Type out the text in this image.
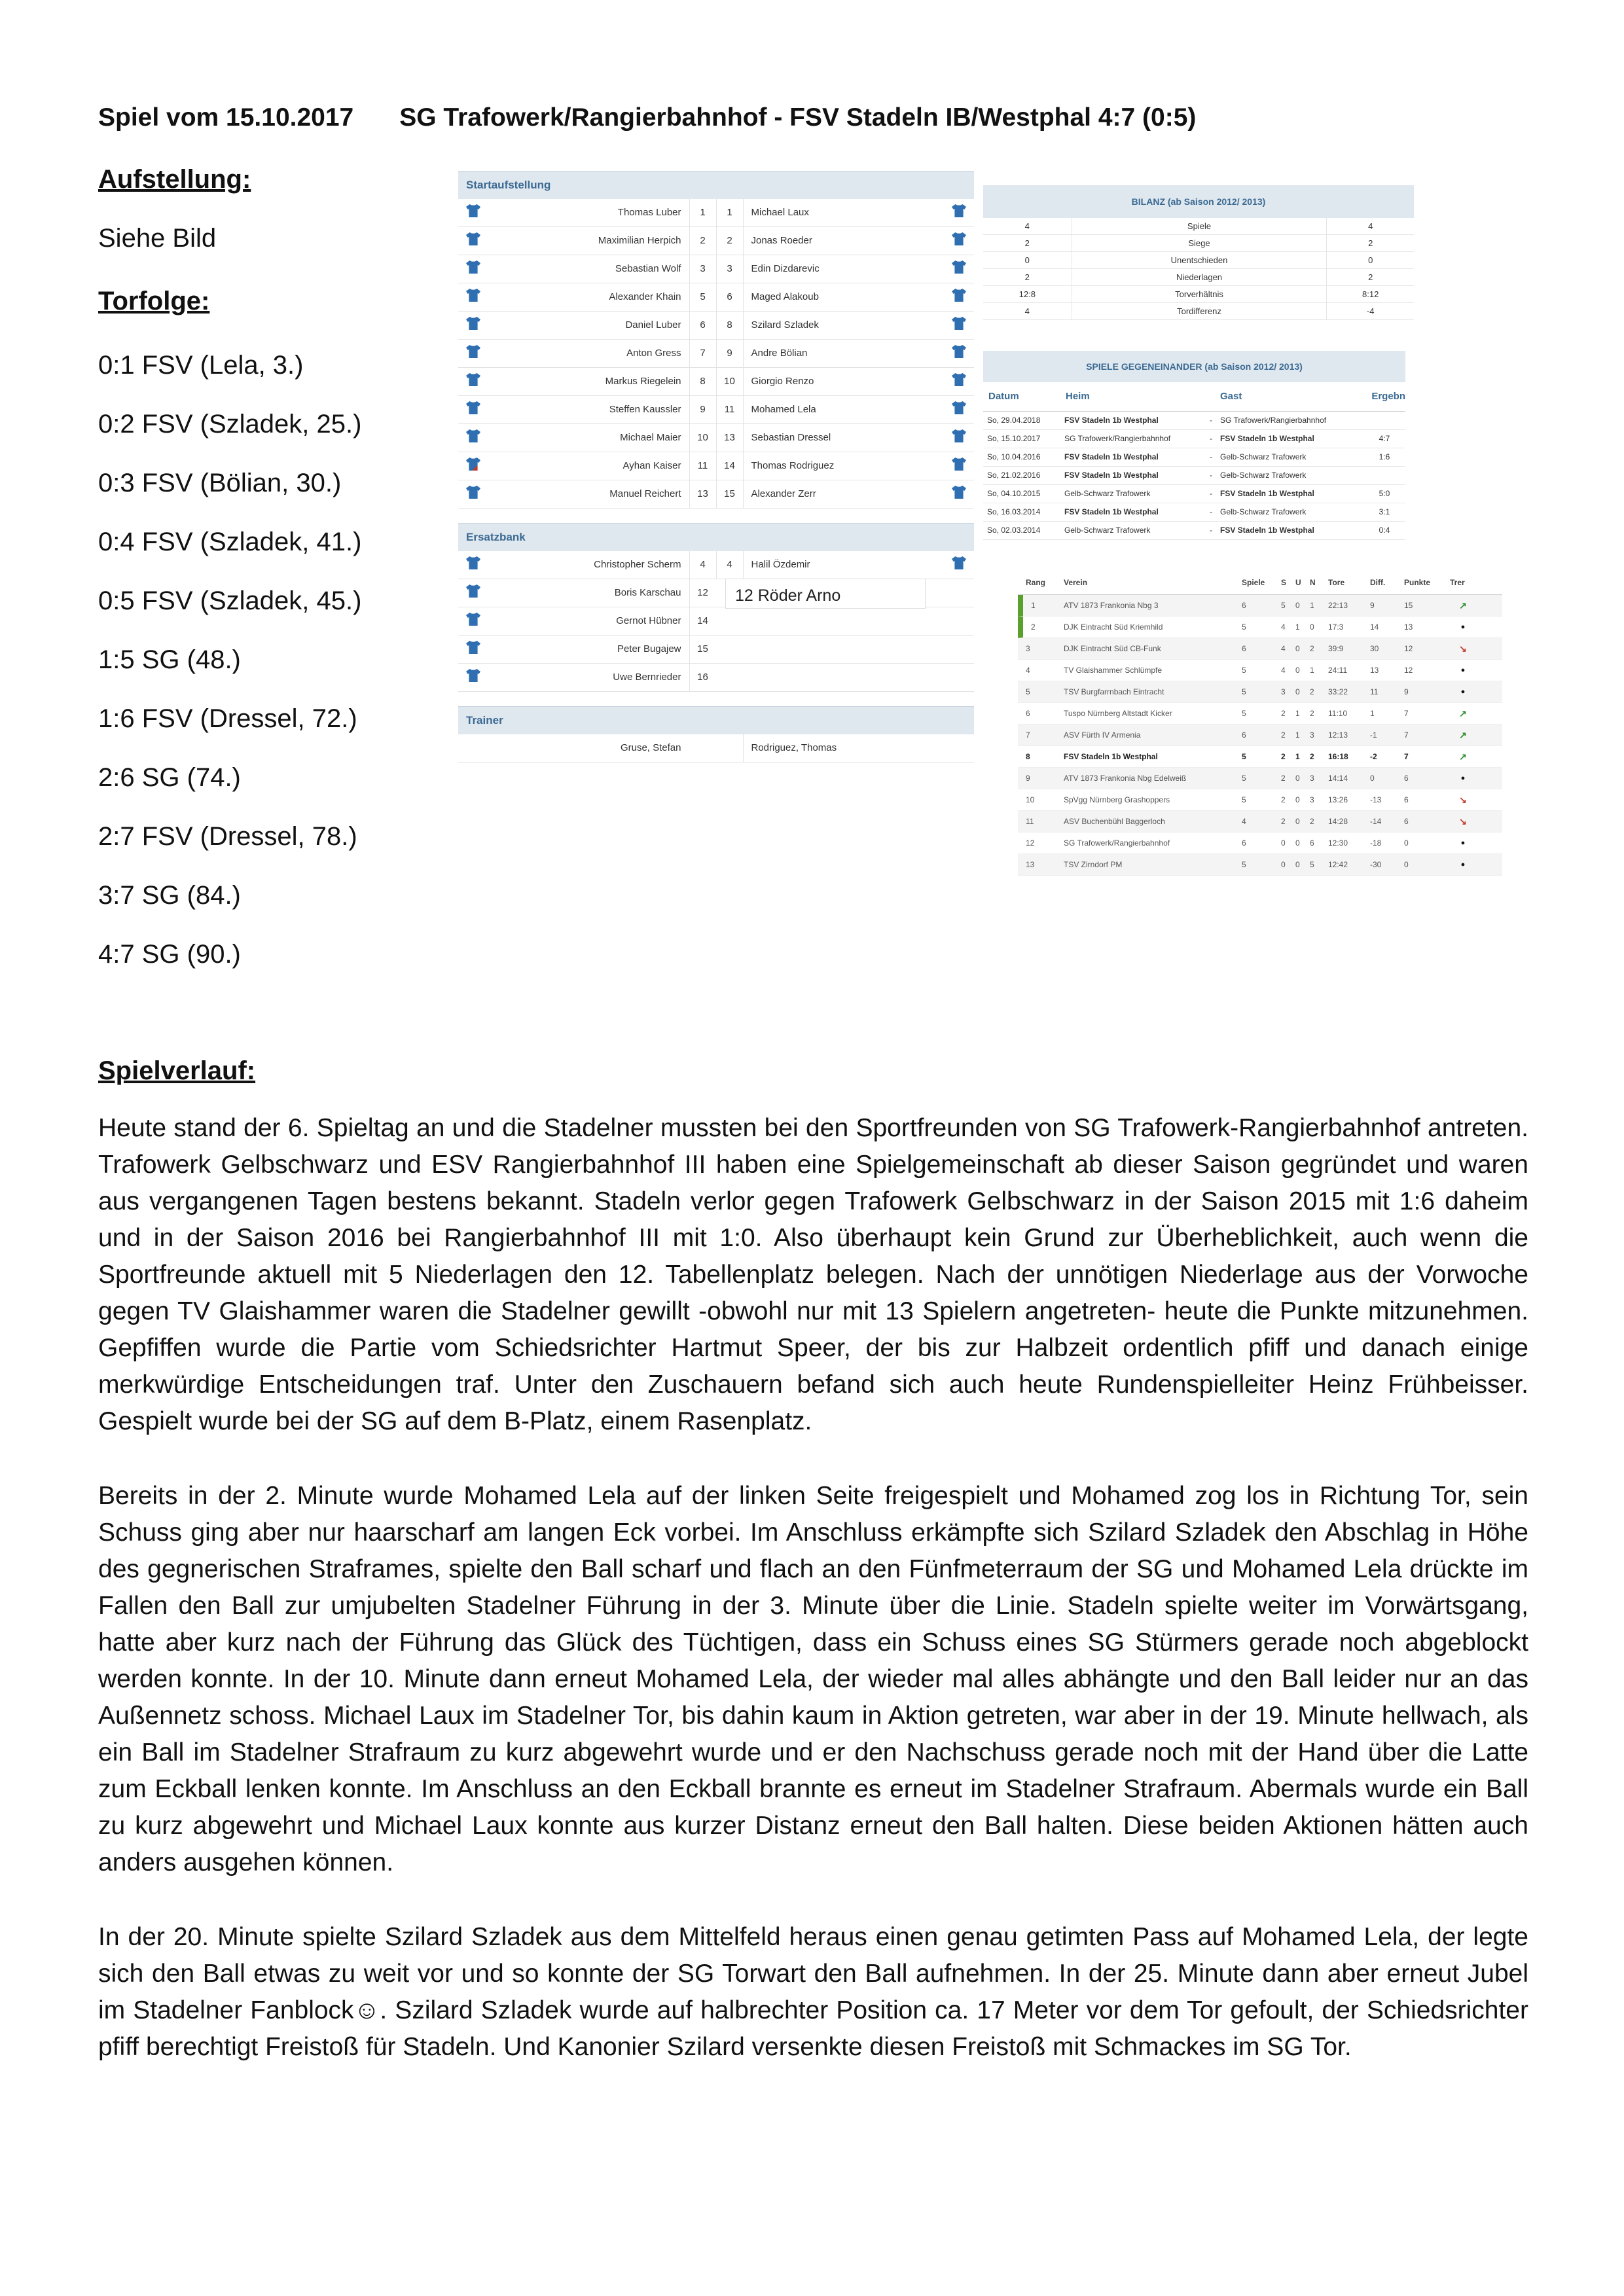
Spiel vom 15.10.2017 SG Trafowerk/Rangierbahnhof - FSV Stadeln IB/Westphal 4:7 (0:5)
Aufstellung:
Siehe Bild
Torfolge:
0:1 FSV (Lela, 3.)
0:2 FSV (Szladek, 25.)
0:3 FSV (Bölian, 30.)
0:4 FSV (Szladek, 41.)
0:5 FSV (Szladek, 45.)
1:5 SG (48.)
1:6 FSV (Dressel, 72.)
2:6 SG (74.)
2:7 FSV (Dressel, 78.)
3:7 SG (84.)
4:7 SG (90.)
Startaufstellung
Thomas Luber	1	1	Michael Laux
Maximilian Herpich	2	2	Jonas Roeder
Sebastian Wolf	3	3	Edin Dizdarevic
Alexander Khain	5	6	Maged Alakoub
Daniel Luber	6	8	Szilard Szladek
Anton Gress	7	9	Andre Bölian
Markus Riegelein	8	10	Giorgio Renzo
Steffen Kaussler	9	11	Mohamed Lela
Michael Maier	10	13	Sebastian Dressel
Ayhan Kaiser	11	14	Thomas Rodriguez
Manuel Reichert	13	15	Alexander Zerr
Ersatzbank
Christopher Scherm	4	4	Halil Özdemir
Boris Karschau	12
Gernot Hübner	14
Peter Bugajew	15
Uwe Bernrieder	16
12 Röder Arno
Trainer
Gruse, Stefan	Rodriguez, Thomas
BILANZ (ab Saison 2012/ 2013)
4	Spiele	4
2	Siege	2
0	Unentschieden	0
2	Niederlagen	2
12:8	Torverhältnis	8:12
4	Tordifferenz	-4
SPIELE GEGENEINANDER (ab Saison 2012/ 2013)
Datum	Heim	Gast	Ergebn
So, 29.04.2018	FSV Stadeln 1b Westphal	-	SG Trafowerk/Rangierbahnhof
So, 15.10.2017	SG Trafowerk/Rangierbahnhof	-	FSV Stadeln 1b Westphal	4:7
So, 10.04.2016	FSV Stadeln 1b Westphal	-	Gelb-Schwarz Trafowerk	1:6
So, 21.02.2016	FSV Stadeln 1b Westphal	-	Gelb-Schwarz Trafowerk
So, 04.10.2015	Gelb-Schwarz Trafowerk	-	FSV Stadeln 1b Westphal	5:0
So, 16.03.2014	FSV Stadeln 1b Westphal	-	Gelb-Schwarz Trafowerk	3:1
So, 02.03.2014	Gelb-Schwarz Trafowerk	-	FSV Stadeln 1b Westphal	0:4
Rang	Verein	Spiele	S	U	N	Tore	Diff.	Punkte	Trer
1	ATV 1873 Frankonia Nbg 3	6	5	0	1	22:13	9	15	↗
2	DJK Eintracht Süd Kriemhild	5	4	1	0	17:3	14	13	●
3	DJK Eintracht Süd CB-Funk	6	4	0	2	39:9	30	12	↘
4	TV Glaishammer Schlümpfe	5	4	0	1	24:11	13	12	●
5	TSV Burgfarrnbach Eintracht	5	3	0	2	33:22	11	9	●
6	Tuspo Nürnberg Altstadt Kicker	5	2	1	2	11:10	1	7	↗
7	ASV Fürth IV Armenia	6	2	1	3	12:13	-1	7	↗
8	FSV Stadeln 1b Westphal	5	2	1	2	16:18	-2	7	↗
9	ATV 1873 Frankonia Nbg Edelweiß	5	2	0	3	14:14	0	6	●
10	SpVgg Nürnberg Grashoppers	5	2	0	3	13:26	-13	6	↘
11	ASV Buchenbühl Baggerloch	4	2	0	2	14:28	-14	6	↘
12	SG Trafowerk/Rangierbahnhof	6	0	0	6	12:30	-18	0	●
13	TSV Zirndorf PM	5	0	0	5	12:42	-30	0	●
Spielverlauf:
Heute stand der 6. Spieltag an und die Stadelner mussten bei den Sportfreunden von SG Trafowerk-Rangierbahnhof antreten. Trafowerk Gelbschwarz und ESV Rangierbahnhof III haben eine Spielgemeinschaft ab dieser Saison gegründet und waren aus vergangenen Tagen bestens bekannt. Stadeln verlor gegen Trafowerk Gelbschwarz in der Saison 2015 mit 1:6 daheim und in der Saison 2016 bei Rangierbahnhof III mit 1:0. Also überhaupt kein Grund zur Überheblichkeit, auch wenn die Sportfreunde aktuell mit 5 Niederlagen den 12. Tabellenplatz belegen. Nach der unnötigen Niederlage aus der Vorwoche gegen TV Glaishammer waren die Stadelner gewillt -obwohl nur mit 13 Spielern angetreten- heute die Punkte mitzunehmen. Gepfiffen wurde die Partie vom Schiedsrichter Hartmut Speer, der bis zur Halbzeit ordentlich pfiff und danach einige merkwürdige Entscheidungen traf. Unter den Zuschauern befand sich auch heute Rundenspielleiter Heinz Frühbeisser. Gespielt wurde bei der SG auf dem B-Platz, einem Rasenplatz.
Bereits in der 2. Minute wurde Mohamed Lela auf der linken Seite freigespielt und Mohamed zog los in Richtung Tor, sein Schuss ging aber nur haarscharf am langen Eck vorbei. Im Anschluss erkämpfte sich Szilard Szladek den Abschlag in Höhe des gegnerischen Straframes, spielte den Ball scharf und flach an den Fünfmeterraum der SG und Mohamed Lela drückte im Fallen den Ball zur umjubelten Stadelner Führung in der 3. Minute über die Linie. Stadeln spielte weiter im Vorwärtsgang, hatte aber kurz nach der Führung das Glück des Tüchtigen, dass ein Schuss eines SG Stürmers gerade noch abgeblockt werden konnte. In der 10. Minute dann erneut Mohamed Lela, der wieder mal alles abhängte und den Ball leider nur an das Außennetz schoss. Michael Laux im Stadelner Tor, bis dahin kaum in Aktion getreten, war aber in der 19. Minute hellwach, als ein Ball im Stadelner Strafraum zu kurz abgewehrt wurde und er den Nachschuss gerade noch mit der Hand über die Latte zum Eckball lenken konnte. Im Anschluss an den Eckball brannte es erneut im Stadelner Strafraum. Abermals wurde ein Ball zu kurz abgewehrt und Michael Laux konnte aus kurzer Distanz erneut den Ball halten. Diese beiden Aktionen hätten auch anders ausgehen können.
In der 20. Minute spielte Szilard Szladek aus dem Mittelfeld heraus einen genau getimten Pass auf Mohamed Lela, der legte sich den Ball etwas zu weit vor und so konnte der SG Torwart den Ball aufnehmen. In der 25. Minute dann aber erneut Jubel im Stadelner Fanblock☺. Szilard Szladek wurde auf halbrechter Position ca. 17 Meter vor dem Tor gefoult, der Schiedsrichter pfiff berechtigt Freistoß für Stadeln. Und Kanonier Szilard versenkte diesen Freistoß mit Schmackes im SG Tor.
